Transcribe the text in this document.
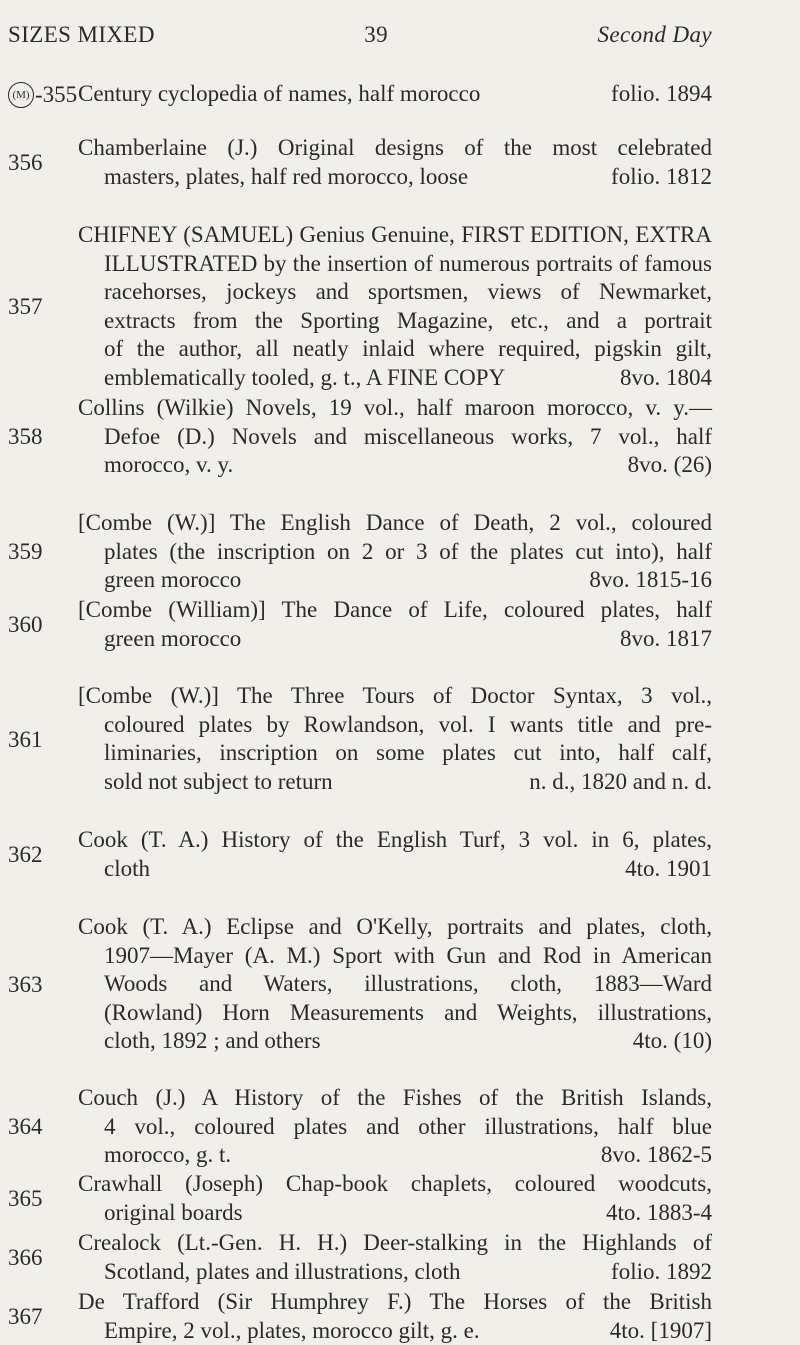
SIZES MIXED	39	Second Day
(M) -355 Century cyclopedia of names, half morocco	folio. 1894
356
Chamberlaine (J.) Original designs of the most celebrated
masters, plates, half red morocco, loose	folio. 1812
357
CHIFNEY (SAMUEL) Genius Genuine, FIRST EDITION, EXTRA
ILLUSTRATED by the insertion of numerous portraits of famous
racehorses, jockeys and sportsmen, views of Newmarket,
extracts from the Sporting Magazine, etc., and a portrait
of the author, all neatly inlaid where required, pigskin gilt,
emblematically tooled, g. t., A FINE COPY	8vo. 1804
358
Collins (Wilkie) Novels, 19 vol., half maroon morocco, v. y.—
Defoe (D.) Novels and miscellaneous works, 7 vol., half
morocco, v. y.	8vo. (26)
359
[Combe (W.)] The English Dance of Death, 2 vol., coloured
plates (the inscription on 2 or 3 of the plates cut into), half
green morocco	8vo. 1815-16
360
[Combe (William)] The Dance of Life, coloured plates, half
green morocco	8vo. 1817
361
[Combe (W.)] The Three Tours of Doctor Syntax, 3 vol.,
coloured plates by Rowlandson, vol. I wants title and pre-
liminaries, inscription on some plates cut into, half calf,
sold not subject to return	n. d., 1820 and n. d.
362
Cook (T. A.) History of the English Turf, 3 vol. in 6, plates,
cloth	4to. 1901
363
Cook (T. A.) Eclipse and O'Kelly, portraits and plates, cloth,
1907—Mayer (A. M.) Sport with Gun and Rod in American
Woods and Waters, illustrations, cloth, 1883—Ward
(Rowland) Horn Measurements and Weights, illustrations,
cloth, 1892 ; and others	4to. (10)
364
Couch (J.) A History of the Fishes of the British Islands,
4 vol., coloured plates and other illustrations, half blue
morocco, g. t.	8vo. 1862-5
365
Crawhall (Joseph) Chap-book chaplets, coloured woodcuts,
original boards	4to. 1883-4
366
Crealock (Lt.-Gen. H. H.) Deer-stalking in the Highlands of
Scotland, plates and illustrations, cloth	folio. 1892
367
De Trafford (Sir Humphrey F.) The Horses of the British
Empire, 2 vol., plates, morocco gilt, g. e.	4to. [1907]
